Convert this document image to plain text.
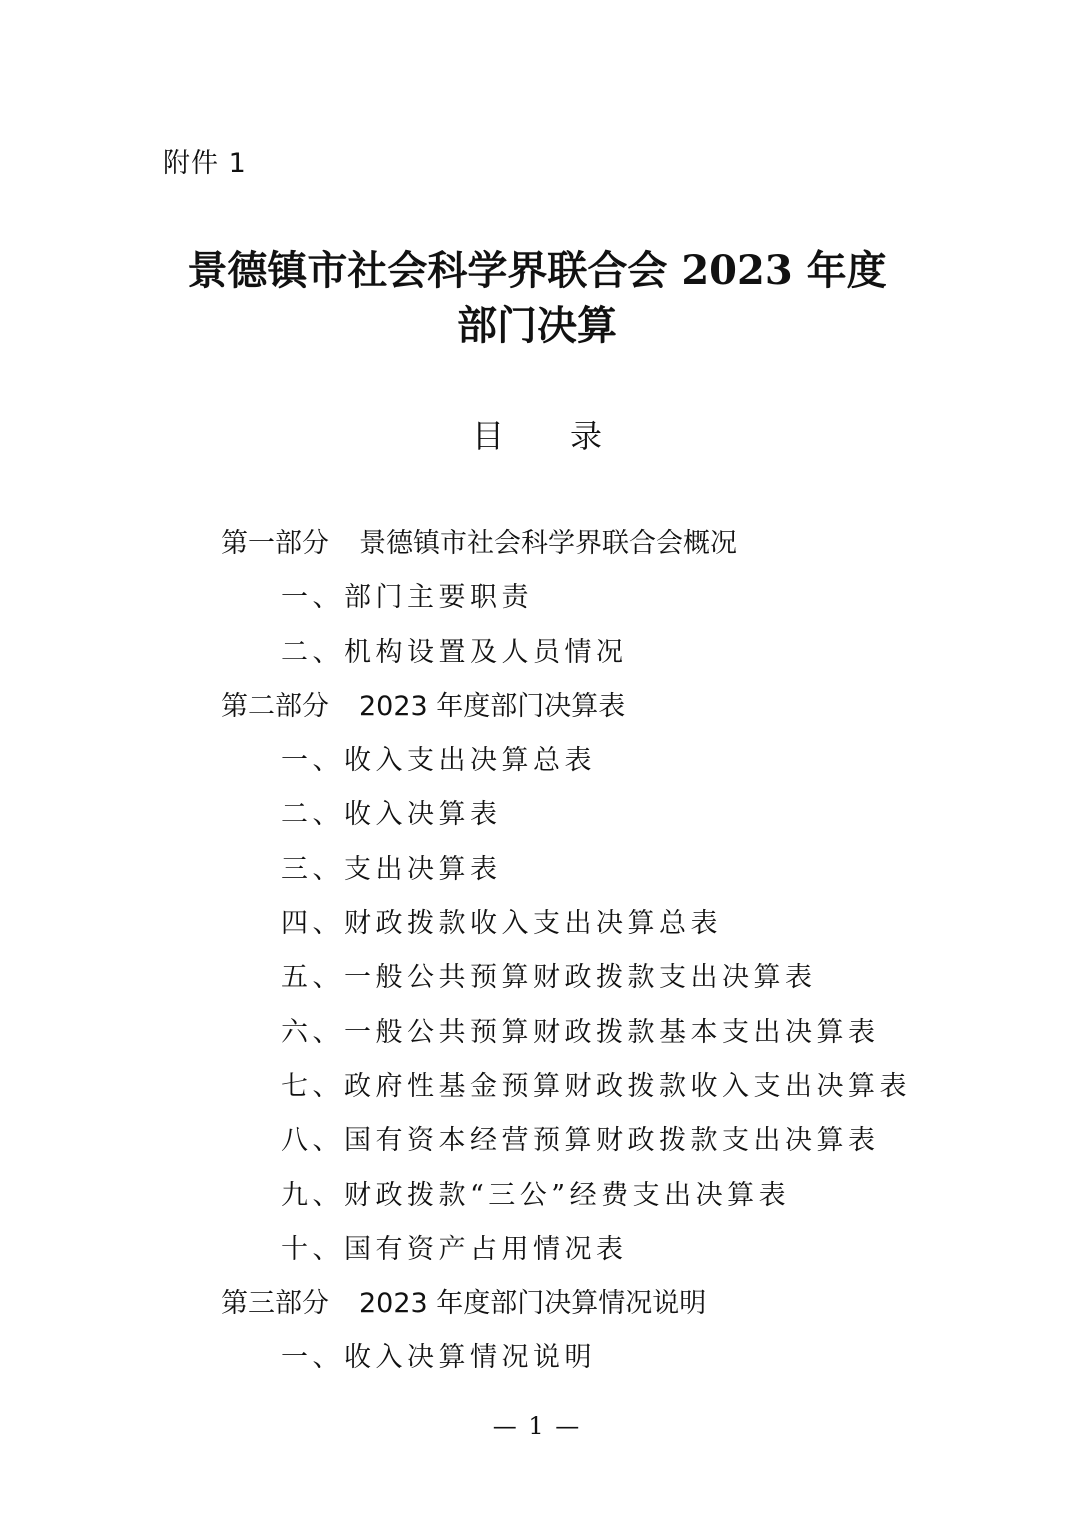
附件 1
景德镇市社会科学界联合会 2023 年度
部门决算
目 录
第一部分 景德镇市社会科学界联合会概况
一、部门主要职责
二、机构设置及人员情况
第二部分 2023 年度部门决算表
一、收入支出决算总表
二、收入决算表
三、支出决算表
四、财政拨款收入支出决算总表
五、一般公共预算财政拨款支出决算表
六、一般公共预算财政拨款基本支出决算表
七、政府性基金预算财政拨款收入支出决算表
八、国有资本经营预算财政拨款支出决算表
九、财政拨款“三公”经费支出决算表
十、国有资产占用情况表
第三部分 2023 年度部门决算情况说明
一、收入决算情况说明
— 1 —
